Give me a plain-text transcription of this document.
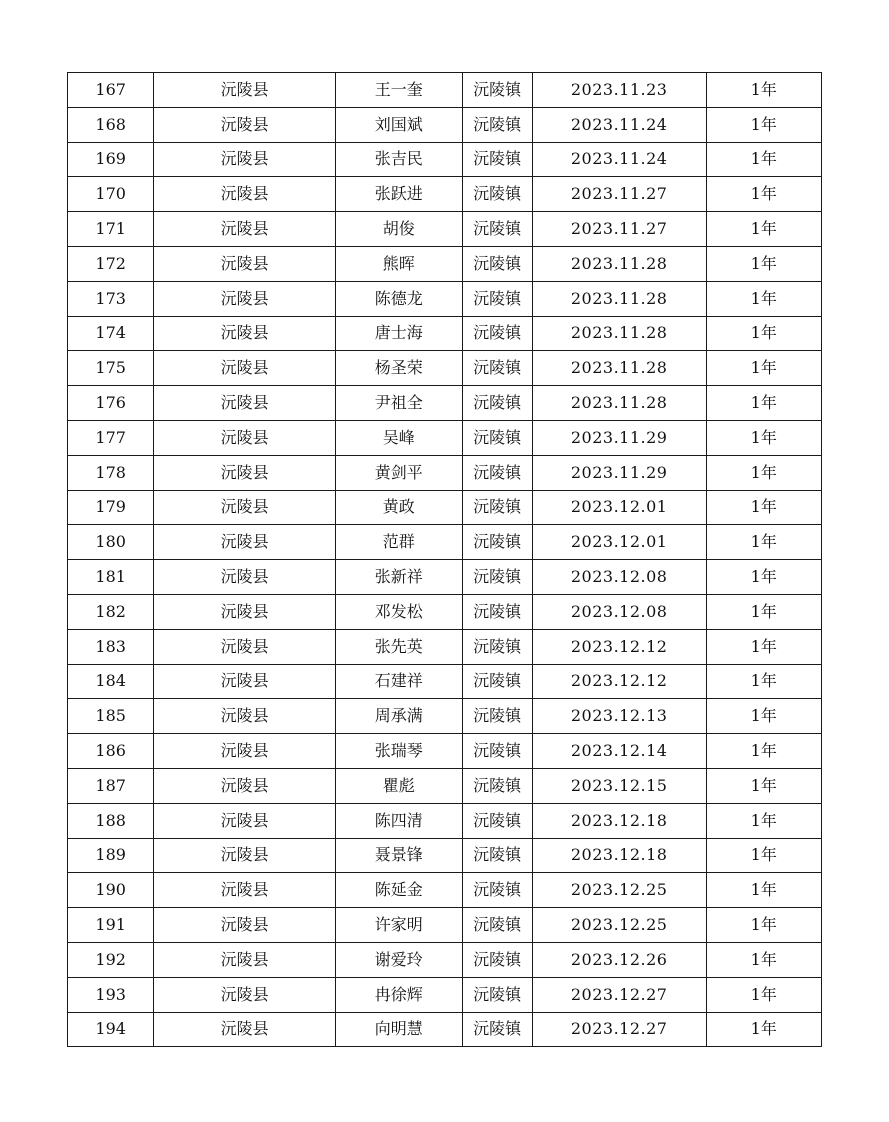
167	沅陵县	王一奎	沅陵镇	2023.11.23	1年
168	沅陵县	刘国斌	沅陵镇	2023.11.24	1年
169	沅陵县	张吉民	沅陵镇	2023.11.24	1年
170	沅陵县	张跃进	沅陵镇	2023.11.27	1年
171	沅陵县	胡俊	沅陵镇	2023.11.27	1年
172	沅陵县	熊晖	沅陵镇	2023.11.28	1年
173	沅陵县	陈德龙	沅陵镇	2023.11.28	1年
174	沅陵县	唐士海	沅陵镇	2023.11.28	1年
175	沅陵县	杨圣荣	沅陵镇	2023.11.28	1年
176	沅陵县	尹祖全	沅陵镇	2023.11.28	1年
177	沅陵县	吴峰	沅陵镇	2023.11.29	1年
178	沅陵县	黄剑平	沅陵镇	2023.11.29	1年
179	沅陵县	黄政	沅陵镇	2023.12.01	1年
180	沅陵县	范群	沅陵镇	2023.12.01	1年
181	沅陵县	张新祥	沅陵镇	2023.12.08	1年
182	沅陵县	邓发松	沅陵镇	2023.12.08	1年
183	沅陵县	张先英	沅陵镇	2023.12.12	1年
184	沅陵县	石建祥	沅陵镇	2023.12.12	1年
185	沅陵县	周承满	沅陵镇	2023.12.13	1年
186	沅陵县	张瑞琴	沅陵镇	2023.12.14	1年
187	沅陵县	瞿彪	沅陵镇	2023.12.15	1年
188	沅陵县	陈四清	沅陵镇	2023.12.18	1年
189	沅陵县	聂景锋	沅陵镇	2023.12.18	1年
190	沅陵县	陈延金	沅陵镇	2023.12.25	1年
191	沅陵县	许家明	沅陵镇	2023.12.25	1年
192	沅陵县	谢爱玲	沅陵镇	2023.12.26	1年
193	沅陵县	冉徐辉	沅陵镇	2023.12.27	1年
194	沅陵县	向明慧	沅陵镇	2023.12.27	1年
